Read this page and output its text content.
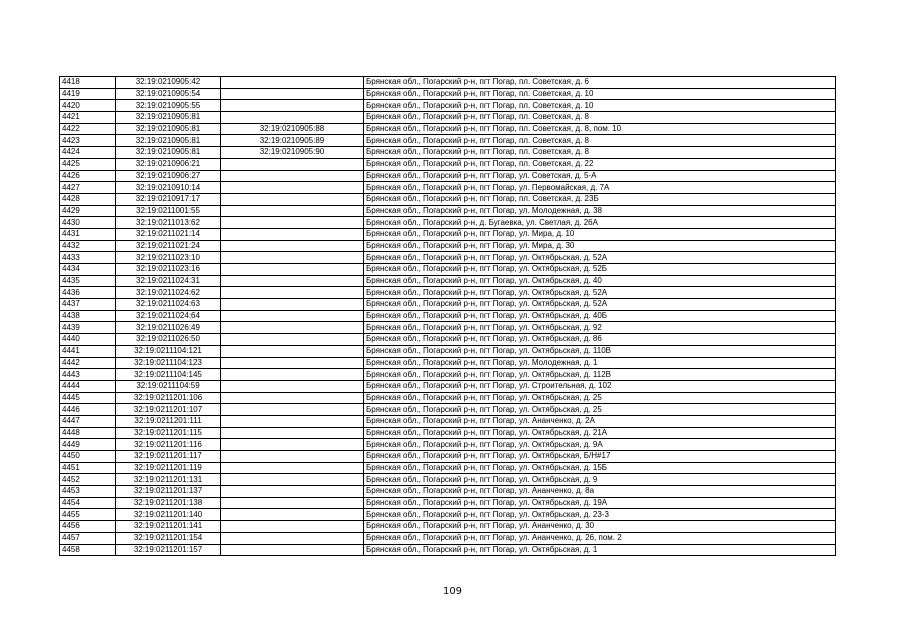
4418	32:19:0210905:42		Брянская обл., Погарский р-н, пгт Погар, пл. Советская, д. 6
4419	32:19:0210905:54		Брянская обл., Погарский р-н, пгт Погар, пл. Советская, д. 10
4420	32:19:0210905:55		Брянская обл., Погарский р-н, пгт Погар, пл. Советская, д. 10
4421	32:19:0210905:81		Брянская обл., Погарский р-н, пгт Погар, пл. Советская, д. 8
4422	32:19:0210905:81	32:19:0210905:88	Брянская обл., Погарский р-н, пгт Погар, пл. Советская, д. 8, пом. 10
4423	32:19:0210905:81	32:19:0210905:89	Брянская обл., Погарский р-н, пгт Погар, пл. Советская, д. 8
4424	32:19:0210905:81	32:19:0210905:90	Брянская обл., Погарский р-н, пгт Погар, пл. Советская, д. 8
4425	32:19:0210906:21		Брянская обл., Погарский р-н, пгт Погар, пл. Советская, д. 22
4426	32:19:0210906:27		Брянская обл., Погарский р-н, пгт Погар, ул. Советская, д. 5-А
4427	32:19:0210910:14		Брянская обл., Погарский р-н, пгт Погар, ул. Первомайская, д. 7А
4428	32:19:0210917:17		Брянская обл., Погарский р-н, пгт Погар, пл. Советская, д. 23Б
4429	32:19:0211001:55		Брянская обл., Погарский р-н, пгт Погар, ул. Молодежная, д. 38
4430	32:19:0211013:62		Брянская обл., Погарский р-н, д. Бугаевка, ул. Светлая, д. 26А
4431	32:19:0211021:14		Брянская обл., Погарский р-н, пгт Погар, ул. Мира, д. 10
4432	32:19:0211021:24		Брянская обл., Погарский р-н, пгт Погар, ул. Мира, д. 30
4433	32:19:0211023:10		Брянская обл., Погарский р-н, пгт Погар, ул. Октябрьская, д. 52А
4434	32:19:0211023:16		Брянская обл., Погарский р-н, пгт Погар, ул. Октябрьская, д. 52Б
4435	32:19:0211024:31		Брянская обл., Погарский р-н, пгт Погар, ул. Октябрьская, д. 40
4436	32:19:0211024:62		Брянская обл., Погарский р-н, пгт Погар, ул. Октябрьская, д. 52А
4437	32:19:0211024:63		Брянская обл., Погарский р-н, пгт Погар, ул. Октябрьская, д. 52А
4438	32:19:0211024:64		Брянская обл., Погарский р-н, пгт Погар, ул. Октябрьская, д. 40Б
4439	32:19:0211026:49		Брянская обл., Погарский р-н, пгт Погар, ул. Октябрьская, д. 92
4440	32:19:0211026:50		Брянская обл., Погарский р-н, пгт Погар, ул. Октябрьская, д. 86
4441	32:19:0211104:121		Брянская обл., Погарский р-н, пгт Погар, ул. Октябрьская, д. 110В
4442	32:19:0211104:123		Брянская обл., Погарский р-н, пгт Погар, ул. Молодежная, д. 1
4443	32:19:0211104:145		Брянская обл., Погарский р-н, пгт Погар, ул. Октябрьская, д. 112В
4444	32:19:0211104:59		Брянская обл., Погарский р-н, пгт Погар, ул. Строительная, д. 102
4445	32:19:0211201:106		Брянская обл., Погарский р-н, пгт Погар, ул. Октябрьская, д. 25
4446	32:19:0211201:107		Брянская обл., Погарский р-н, пгт Погар, ул. Октябрьская, д. 25
4447	32:19:0211201:111		Брянская обл., Погарский р-н, пгт Погар, ул. Ананченко, д. 2А
4448	32:19:0211201:115		Брянская обл., Погарский р-н, пгт Погар, ул. Октябрьская, д. 21А
4449	32:19:0211201:116		Брянская обл., Погарский р-н, пгт Погар, ул. Октябрьская, д. 9А
4450	32:19:0211201:117		Брянская обл., Погарский р-н, пгт Погар, ул. Октябрьская, Б/Н#17
4451	32:19:0211201:119		Брянская обл., Погарский р-н, пгт Погар, ул. Октябрьская, д. 15Б
4452	32:19:0211201:131		Брянская обл., Погарский р-н, пгт Погар, ул. Октябрьская, д. 9
4453	32:19:0211201:137		Брянская обл., Погарский р-н, пгт Погар, ул. Ананченко, д. 8а
4454	32:19:0211201:138		Брянская обл., Погарский р-н, пгт Погар, ул. Октябрьская, д. 19А
4455	32:19:0211201:140		Брянская обл., Погарский р-н, пгт Погар, ул. Октябрьская, д. 23-3
4456	32:19:0211201:141		Брянская обл., Погарский р-н, пгт Погар, ул. Ананченко, д. 30
4457	32:19:0211201:154		Брянская обл., Погарский р-н, пгт Погар, ул. Ананченко, д. 26, пом. 2
4458	32:19:0211201:157		Брянская обл., Погарский р-н, пгт Погар, ул. Октябрьская, д. 1
109
